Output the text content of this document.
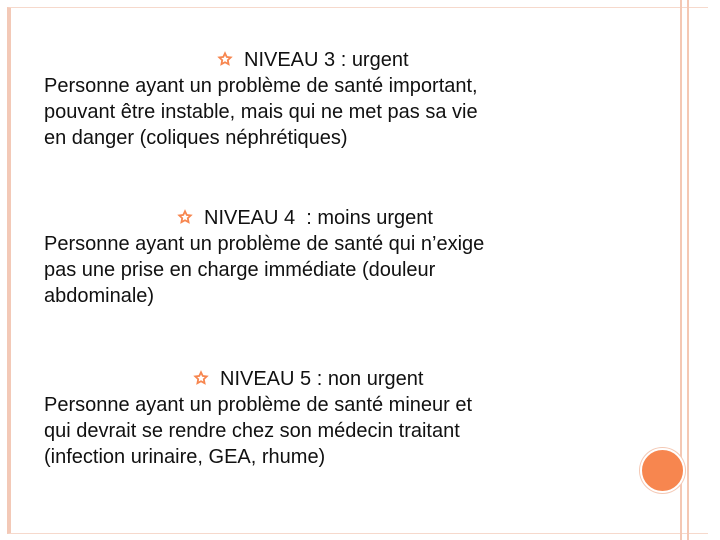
NIVEAU 3 : urgent
Personne ayant un problème de santé important,
pouvant être instable, mais qui ne met pas sa vie
en danger (coliques néphrétiques)
NIVEAU 4  : moins urgent
Personne ayant un problème de santé qui n’exige
pas une prise en charge immédiate (douleur
abdominale)
NIVEAU 5 : non urgent
Personne ayant un problème de santé mineur et
qui devrait se rendre chez son médecin traitant
(infection urinaire, GEA, rhume)
